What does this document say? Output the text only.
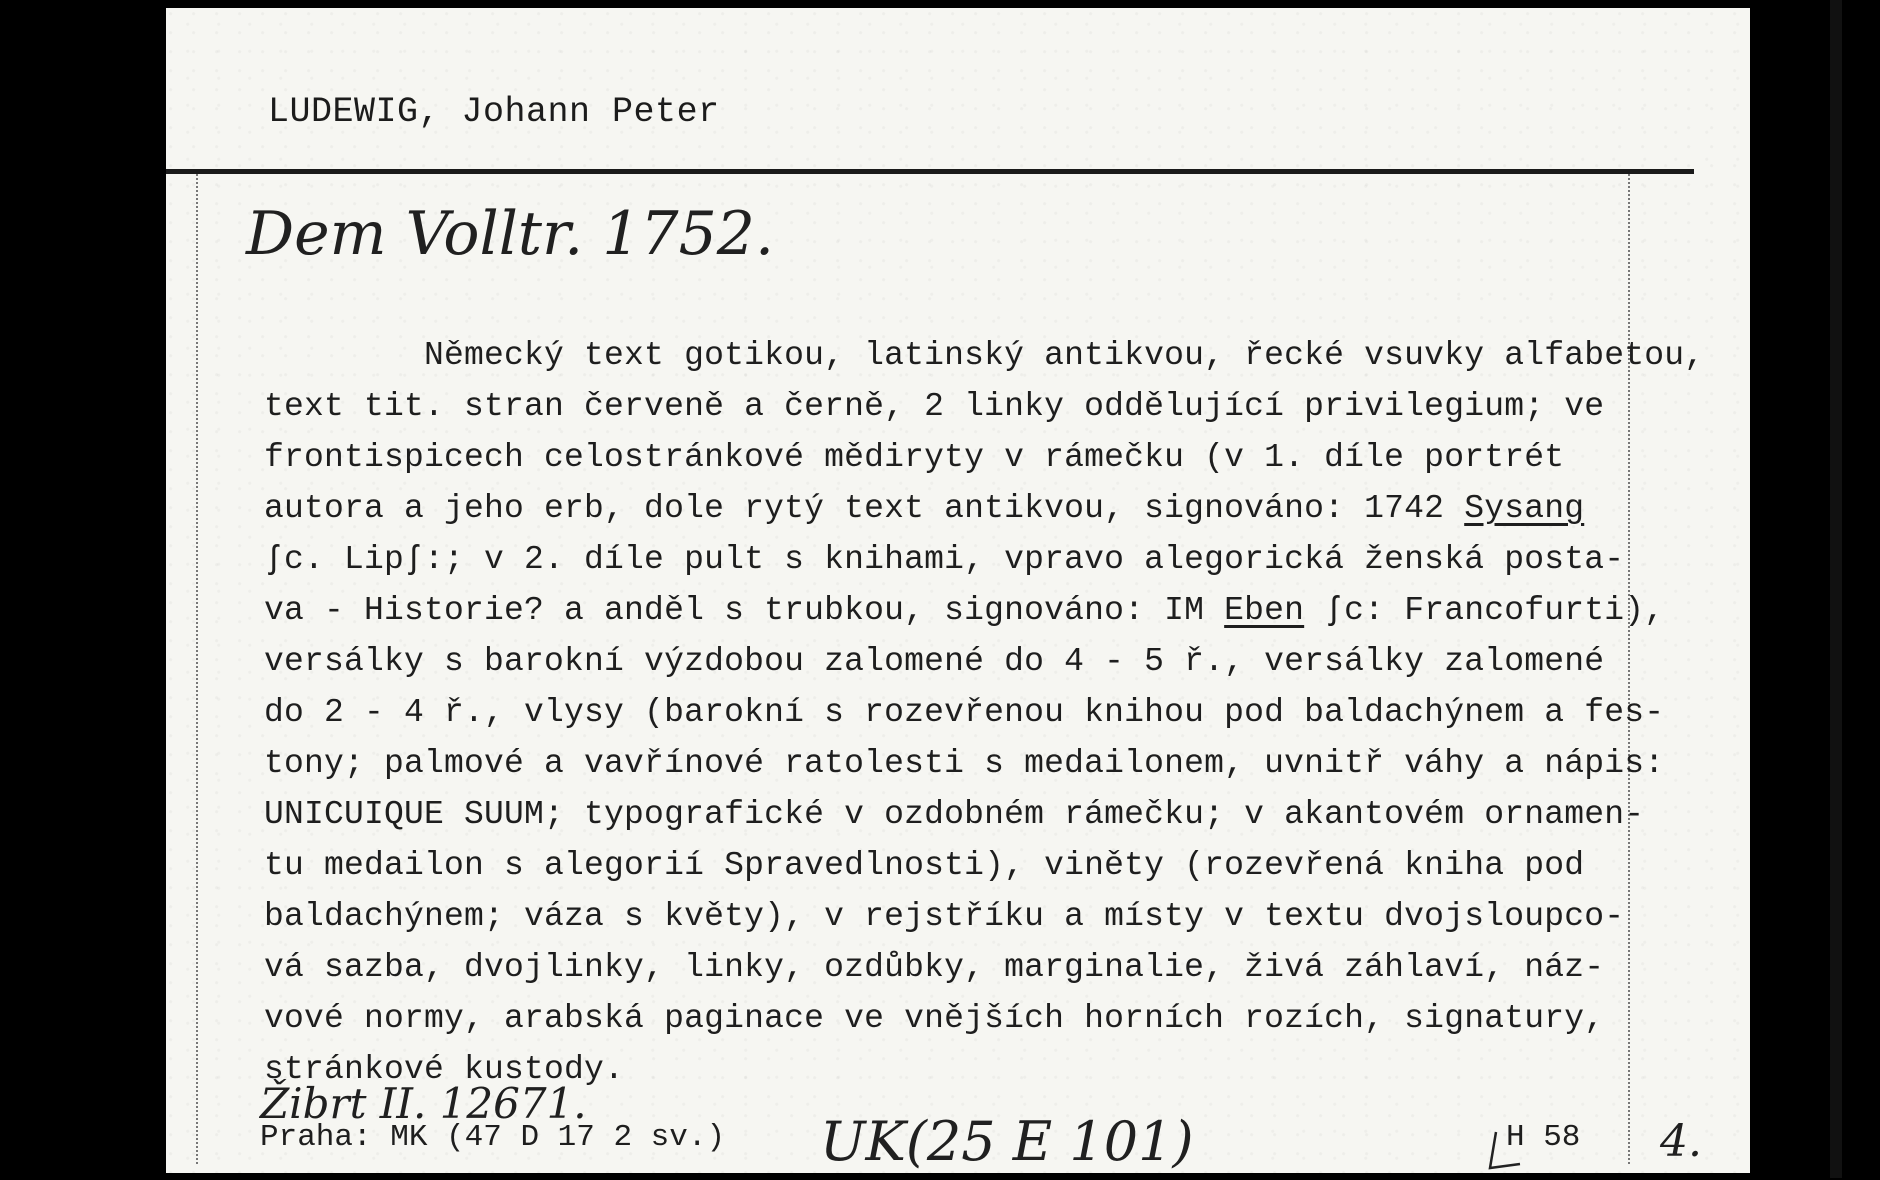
LUDEWIG, Johann Peter
Dem Volltr. 1752.
Německý text gotikou, latinský antikvou, řecké vsuvky alfabetou,
text tit. stran červeně a černě, 2 linky oddělující privilegium; ve
frontispicech celostránkové mědiryty v rámečku (v 1. díle portrét
autora a jeho erb, dole rytý text antikvou, signováno: 1742 Sysang
ʃc. Lipʃ:; v 2. díle pult s knihami, vpravo alegorická ženská posta-
va - Historie? a anděl s trubkou, signováno: IM Eben ʃc: Francofurti),
versálky s barokní výzdobou zalomené do 4 - 5 ř., versálky zalomené
do 2 - 4 ř., vlysy (barokní s rozevřenou knihou pod baldachýnem a fes-
tony; palmové a vavřínové ratolesti s medailonem, uvnitř váhy a nápis:
UNICUIQUE SUUM; typografické v ozdobném rámečku; v akantovém ornamen-
tu medailon s alegorií Spravedlnosti), viněty (rozevřená kniha pod
baldachýnem; váza s květy), v rejstříku a místy v textu dvojsloupco-
vá sazba, dvojlinky, linky, ozdůbky, marginalie, živá záhlaví, náz-
vové normy, arabská paginace ve vnějších horních rozích, signatury,
stránkové kustody.
Žibrt II. 12671.
Praha: MK (47 D 17 2 sv.) UK(25 E 101)	H 58 4.
